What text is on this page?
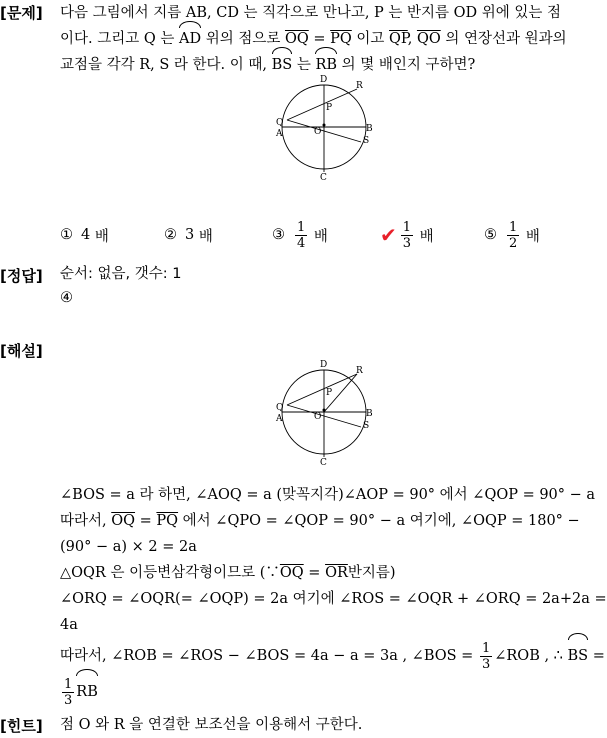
[문제] 다음 그림에서 지름 AB, CD 는 직각으로 만나고, P 는 반지름 OD 위에 있는 점
이다. 그리고 Q 는 AD 위의 점으로 $\overline{OQ} = \overline{PQ}$ 이고 $\overline{QP}$, $\overline{QO}$ 의 연장선과 원과의
교점을 각각 R, S 라 한다. 이 때, BS 는 RB 의 몇 배인지 구하면?
D
R
Q
A
P
O	B
S
C
① 4
배	② 3
배	③ $\frac{1}{4}$
배	✔ $\frac{1}{3}$
배	⑤ $\frac{1}{2}$
배
[정답] 순서: 없음, 갯수: 1
④
[해설]
D
R
Q
A
P
O	B
S
C
∠BOS = a 라 하면, ∠AOQ = a (맞꼭지각)∠AOP = 90° 에서 ∠QOP = 90° − a
따라서, $\overline{OQ} = \overline{PQ}$ 에서 ∠QPO = ∠QOP = 90° − a 여기에, ∠OQP = 180° −
(90° − a) × 2 = 2a
△OQR 은 이등변삼각형이므로 ($\because\overline{OQ} = \overline{OR}$반지름)
∠ORQ = ∠OQR(= ∠OQP) = 2a 여기에 ∠ROS = ∠OQR + ∠ORQ = 2a+2a =
4a
따라서, ∠ROB = ∠ROS − ∠BOS = 4a − a = 3a , ∠BOS = $\frac{1}{3}$ ∠ROB , ∴ BS =
$\frac{1}{3}$ RB
[힌트] 점 O 와 R 을 연결한 보조선을 이용해서 구한다.
